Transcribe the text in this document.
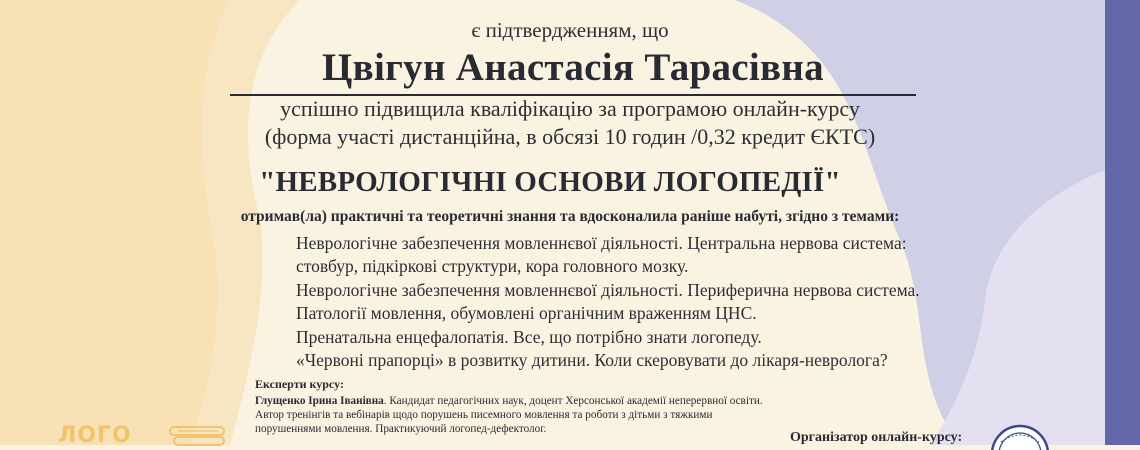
є підтвердженням, що
Цвігун Анастасія Тарасівна
успішно підвищила кваліфікацію за програмою онлайн-курсу
(форма участі дистанційна, в обсязі 10 годин /0,32 кредит ЄКТС)
"НЕВРОЛОГІЧНІ ОСНОВИ ЛОГОПЕДІЇ"
отримав(ла) практичні та теоретичні знання та вдосконалила раніше набуті, згідно з темами:
Неврологічне забезпечення мовленнєвої діяльності. Центральна нервова система:
стовбур, підкіркові структури, кора головного мозку.
Неврологічне забезпечення мовленнєвої діяльності. Периферична нервова система.
Патології мовлення, обумовлені органічним враженням ЦНС.
Пренатальна енцефалопатія. Все, що потрібно знати логопеду.
«Червоні прапорці» в розвитку дитини. Коли скеровувати до лікаря-невролога?
Експерти курсу:
Глущенко Ірина Іванівна. Кандидат педагогічних наук, доцент Херсонської академії неперервної освіти. Автор тренінгів та вебінарів щодо порушень писемного мовлення та роботи з дітьми з тяжкими порушеннями мовлення. Практикуючий логопед-дефектолог.
Організатор онлайн-курсу:
ЛОГО
